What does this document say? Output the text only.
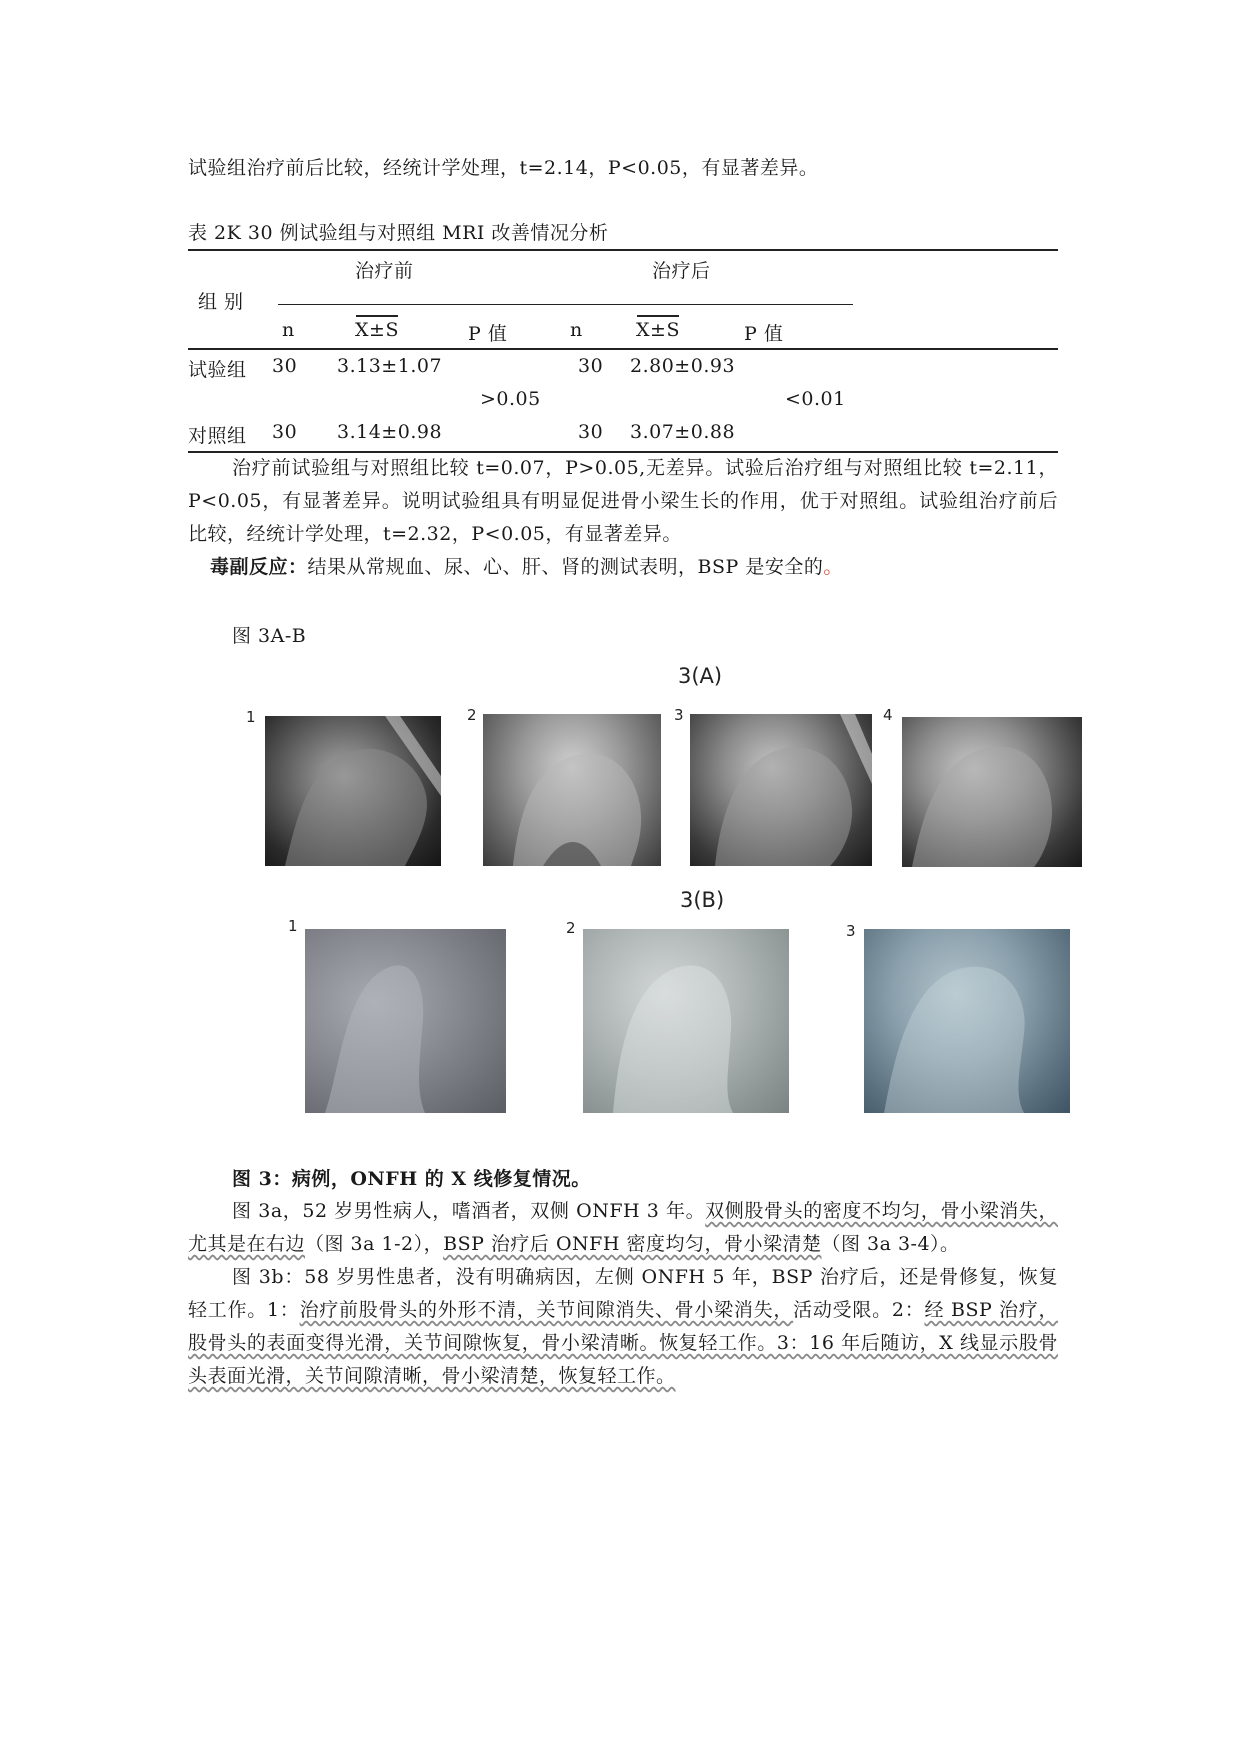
试验组治疗前后比较，经统计学处理，t=2.14，P<0.05，有显著差异。
表 2K 30 例试验组与对照组 MRI 改善情况分析
治疗前	治疗后
组 别
n	X±S	P 值	n	X±S	P 值
试验组 30 3.13±1.07	30 2.80±0.93
>0.05	<0.01
对照组 30 3.14±0.98	30 3.07±0.88
治疗前试验组与对照组比较 t=0.07，P>0.05,无差异。试验后治疗组与对照组比较 t=2.11，P<0.05，有显著差异。说明试验组具有明显促进骨小梁生长的作用，优于对照组。试验组治疗前后比较，经统计学处理，t=2.32，P<0.05，有显著差异。
毒副反应：结果从常规血、尿、心、肝、肾的测试表明，BSP 是安全的。
图 3A-B
3(A)
1	2	3	4
3(B)
1	2	3
图 3：病例，ONFH 的 X 线修复情况。
图 3a，52 岁男性病人，嗜酒者，双侧 ONFH 3 年。双侧股骨头的密度不均匀，骨小梁消失，尤其是在右边（图 3a 1-2），BSP 治疗后 ONFH 密度均匀，骨小梁清楚（图 3a 3-4）。
图 3b：58 岁男性患者，没有明确病因，左侧 ONFH 5 年，BSP 治疗后，还是骨修复，恢复轻工作。1：治疗前股骨头的外形不清，关节间隙消失、骨小梁消失，活动受限。2：经 BSP 治疗，股骨头的表面变得光滑，关节间隙恢复，骨小梁清晰。恢复轻工作。3：16 年后随访，X 线显示股骨头表面光滑，关节间隙清晰，骨小梁清楚，恢复轻工作。
